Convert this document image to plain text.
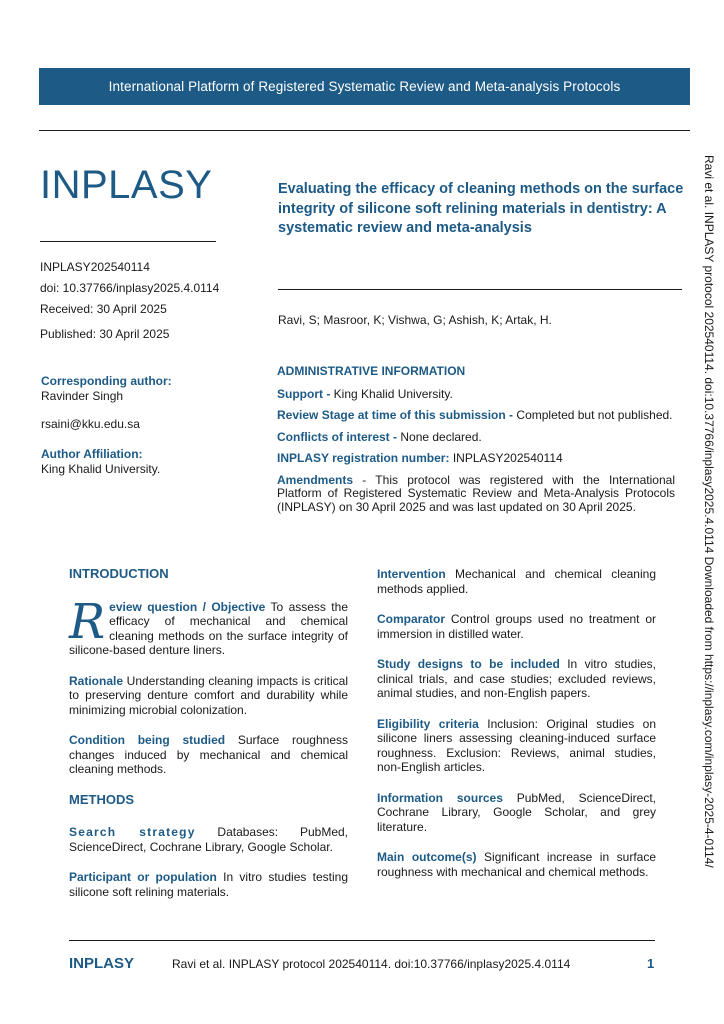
International Platform of Registered Systematic Review and Meta-analysis Protocols
INPLASY
INPLASY202540114
doi: 10.37766/inplasy2025.4.0114
Received: 30 April 2025
Published: 30 April 2025
Corresponding author:
Ravinder Singh
rsaini@kku.edu.sa
Author Affiliation:
King Khalid University.
Evaluating the efficacy of cleaning methods on the surface integrity of silicone soft relining materials in dentistry: A systematic review and meta-analysis
Ravi, S; Masroor, K; Vishwa, G; Ashish, K; Artak, H.
ADMINISTRATIVE INFORMATION

Support - King Khalid University.

Review Stage at time of this submission - Completed but not published.

Conflicts of interest - None declared.

INPLASY registration number: INPLASY202540114

Amendments - This protocol was registered with the International Platform of Registered Systematic Review and Meta-Analysis Protocols (INPLASY) on 30 April 2025 and was last updated on 30 April 2025.

INTRODUCTION

Review question / Objective To assess the efficacy of mechanical and chemical cleaning methods on the surface integrity of silicone-based denture liners.

Rationale Understanding cleaning impacts is critical to preserving denture comfort and durability while minimizing microbial colonization.

Condition being studied Surface roughness changes induced by mechanical and chemical cleaning methods.

METHODS

Search strategy Databases: PubMed, ScienceDirect, Cochrane Library, Google Scholar.

Participant or population In vitro studies testing silicone soft relining materials.

Intervention Mechanical and chemical cleaning methods applied.

Comparator Control groups used no treatment or immersion in distilled water.

Study designs to be included In vitro studies, clinical trials, and case studies; excluded reviews, animal studies, and non-English papers.

Eligibility criteria Inclusion: Original studies on silicone liners assessing cleaning-induced surface roughness. Exclusion: Reviews, animal studies, non-English articles.

Information sources PubMed, ScienceDirect, Cochrane Library, Google Scholar, and grey literature.

Main outcome(s) Significant increase in surface roughness with mechanical and chemical methods.

Ravi et al. INPLASY protocol 202540114. doi:10.37766/inplasy2025.4.0114 Downloaded from https://inplasy.com/inplasy-2025-4-0114/
INPLASY	Ravi et al. INPLASY protocol 202540114. doi:10.37766/inplasy2025.4.0114	1
